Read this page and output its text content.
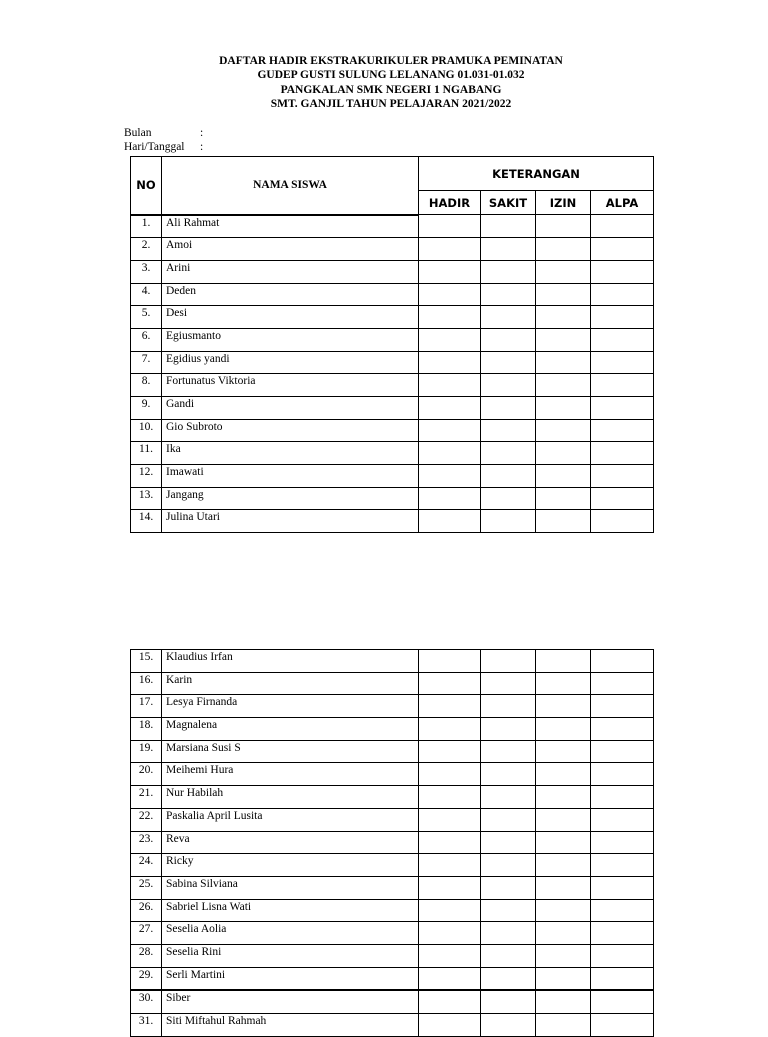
DAFTAR HADIR EKSTRAKURIKULER PRAMUKA PEMINATAN
GUDEP GUSTI SULUNG LELANANG 01.031-01.032
PANGKALAN SMK NEGERI 1 NGABANG
SMT. GANJIL TAHUN PELAJARAN 2021/2022
Bulan	:
Hari/Tanggal :
NO	NAMA SISWA	KETERANGAN			
		HADIR	SAKIT	IZIN	ALPA
1.	Ali Rahmat				
2.	Amoi				
3.	Arini				
4.	Deden				
5.	Desi				
6.	Egiusmanto				
7.	Egidius yandi				
8.	Fortunatus Viktoria				
9.	Gandi				
10.	Gio Subroto				
11.	Ika				
12.	Imawati				
13.	Jangang				
14.	Julina Utari				
15.	Klaudius Irfan				
16.	Karin				
17.	Lesya Firnanda				
18.	Magnalena				
19.	Marsiana Susi S				
20.	Meihemi Hura				
21.	Nur Habilah				
22.	Paskalia April Lusita				
23.	Reva				
24.	Ricky				
25.	Sabina Silviana				
26.	Sabriel Lisna Wati				
27.	Seselia Aolia				
28.	Seselia Rini				
29.	Serli Martini				
30.	Siber				
31.	Siti Miftahul Rahmah				
